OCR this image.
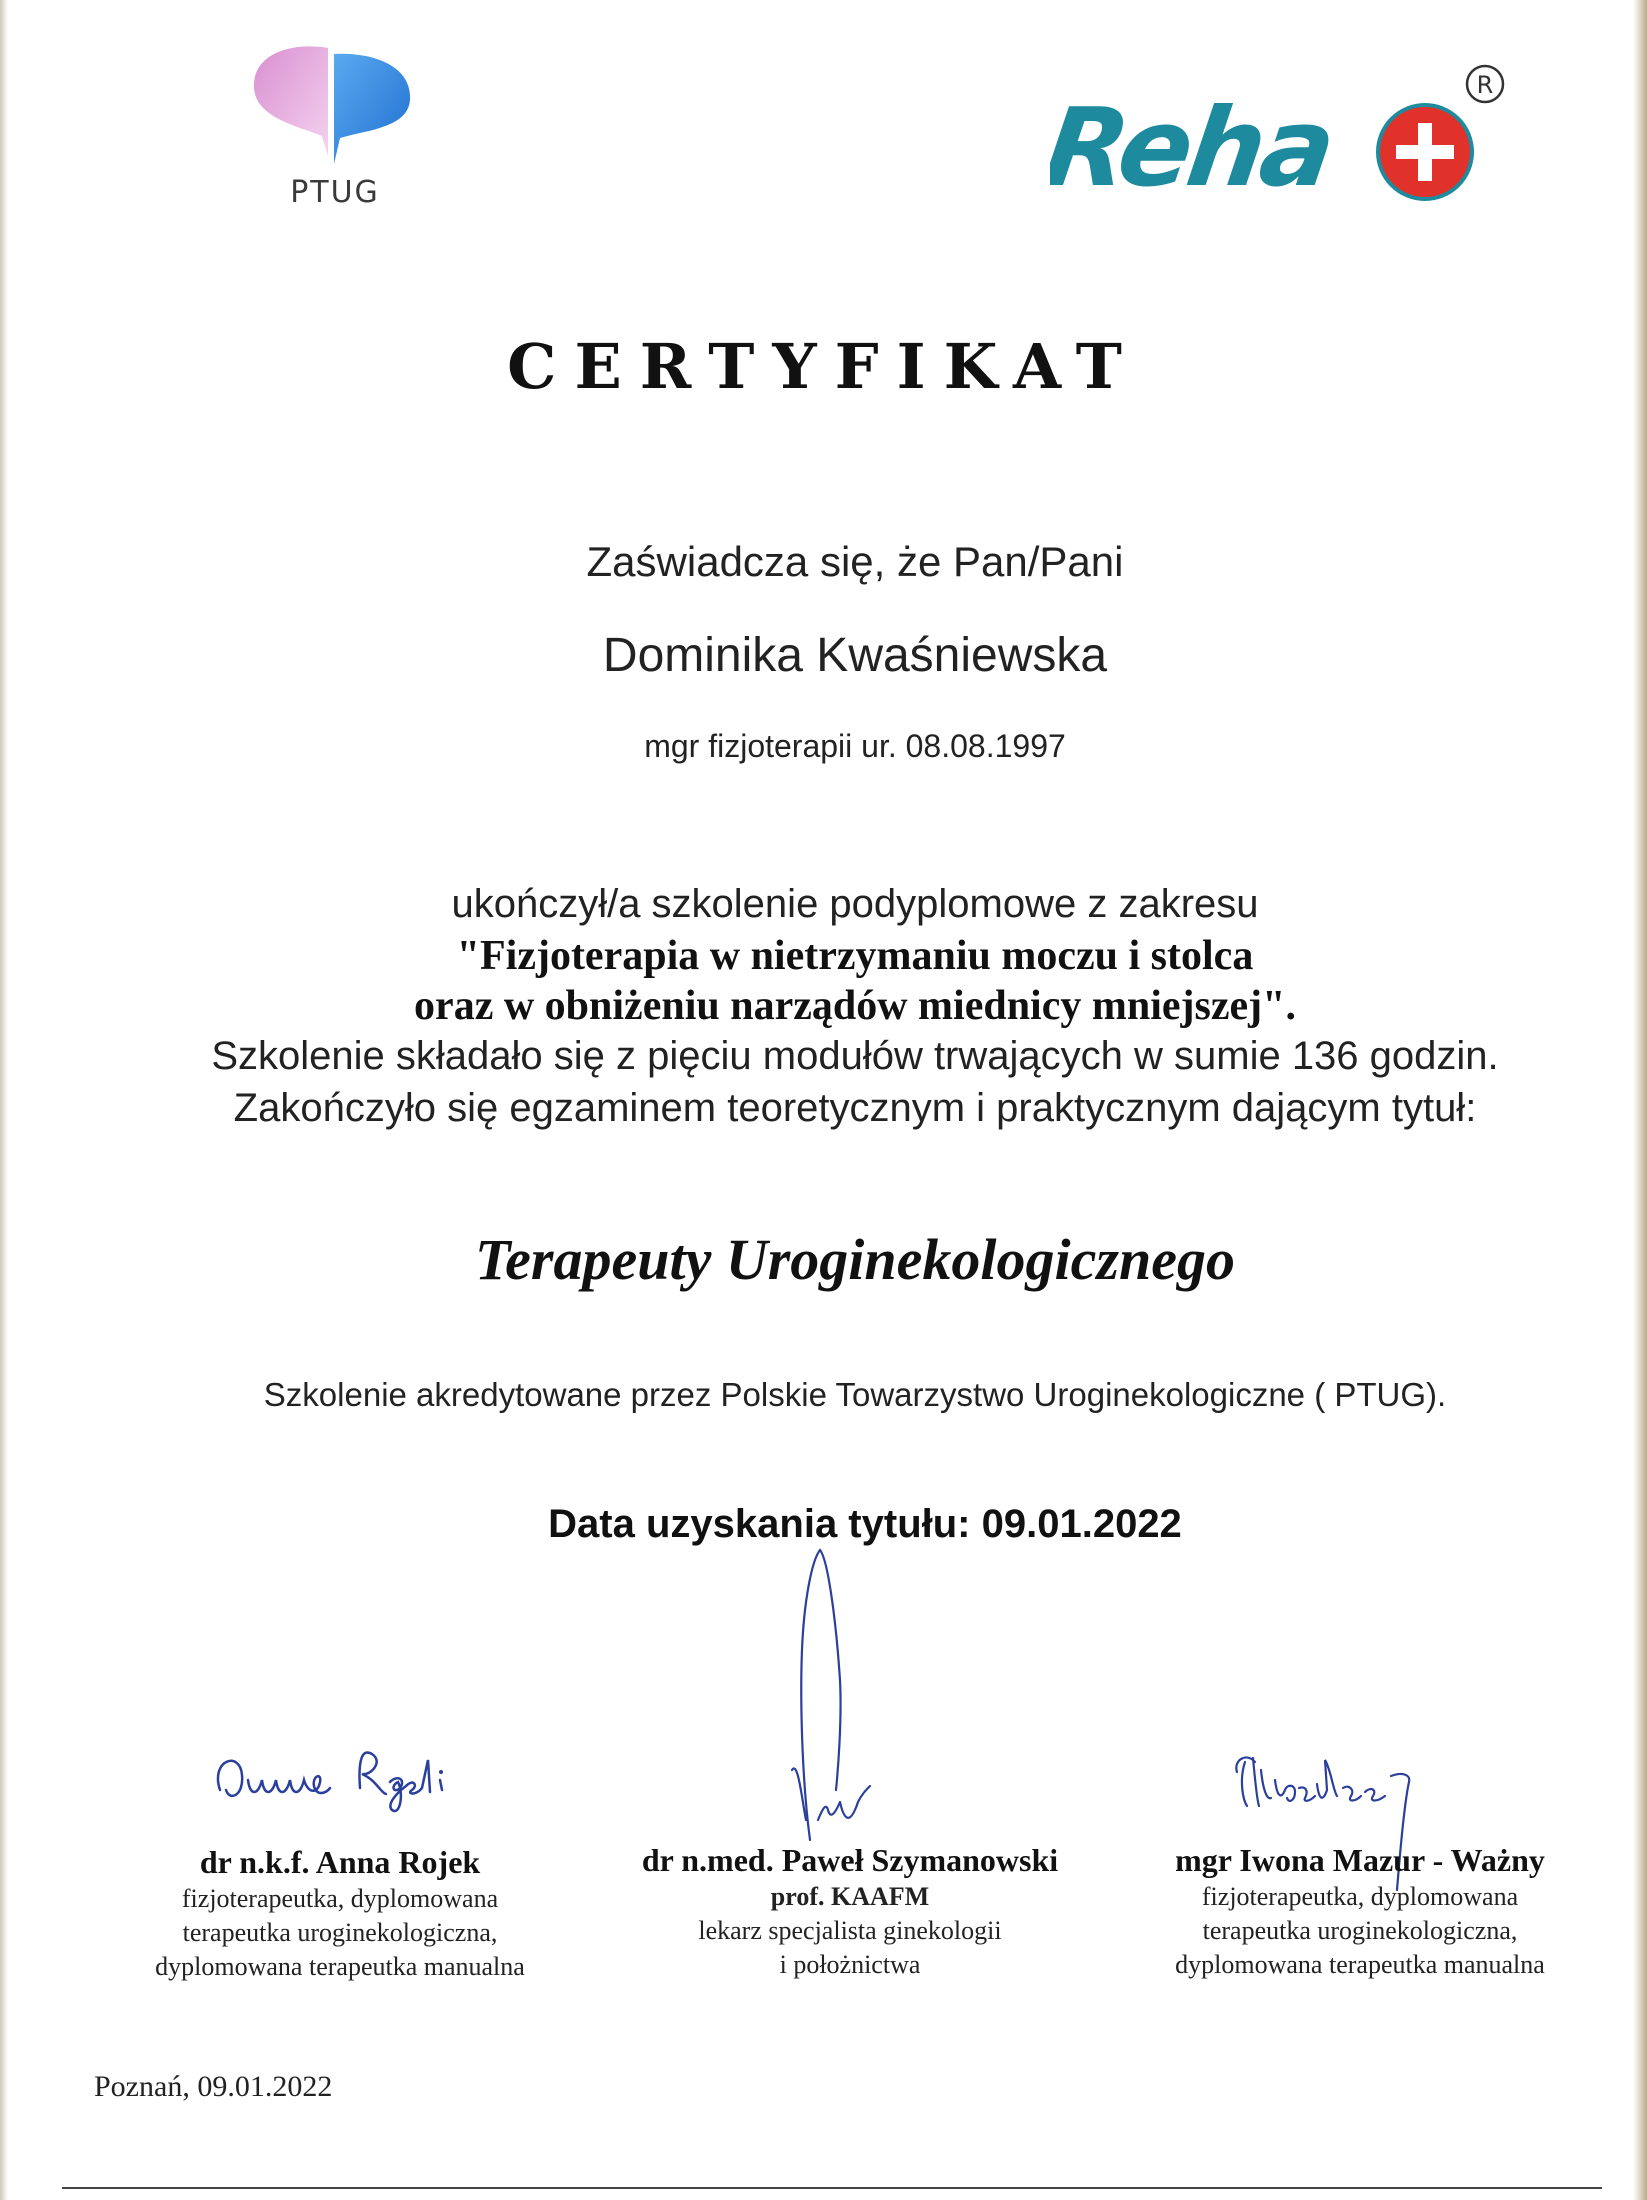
PTUG	Reha	R
CERTYFIKAT
Zaświadcza się, że Pan/Pani
Dominika Kwaśniewska
mgr fizjoterapii ur. 08.08.1997
ukończył/a szkolenie podyplomowe z zakresu
"Fizjoterapia w nietrzymaniu moczu i stolca
oraz w obniżeniu narządów miednicy mniejszej".
Szkolenie składało się z pięciu modułów trwających w sumie 136 godzin.
Zakończyło się egzaminem teoretycznym i praktycznym dającym tytuł:
Terapeuty Uroginekologicznego
Szkolenie akredytowane przez Polskie Towarzystwo Uroginekologiczne ( PTUG).
Data uzyskania tytułu: 09.01.2022
dr n.k.f. Anna Rojek
fizjoterapeutka, dyplomowana
terapeutka uroginekologiczna,
dyplomowana terapeutka manualna
dr n.med. Paweł Szymanowski
prof. KAAFM
lekarz specjalista ginekologii
i położnictwa
mgr Iwona Mazur - Ważny
fizjoterapeutka, dyplomowana
terapeutka uroginekologiczna,
dyplomowana terapeutka manualna
Poznań, 09.01.2022
